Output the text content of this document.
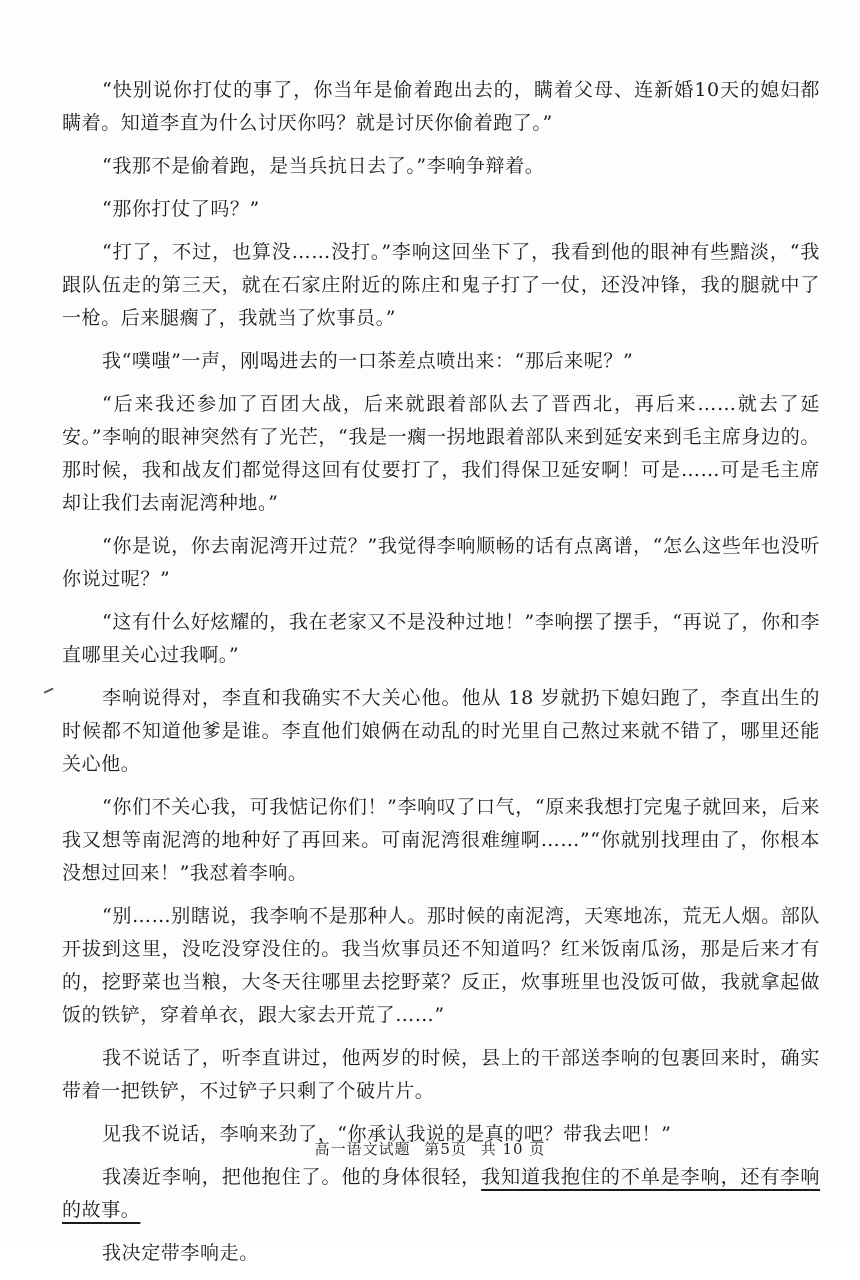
“快别说你打仗的事了，你当年是偷着跑出去的，瞒着父母、连新婚10天的媳妇都瞒着。知道李直为什么讨厌你吗？就是讨厌你偷着跑了。”

“我那不是偷着跑，是当兵抗日去了。”李响争辩着。

“那你打仗了吗？”

“打了，不过，也算没……没打。”李响这回坐下了，我看到他的眼神有些黯淡，“我跟队伍走的第三天，就在石家庄附近的陈庄和鬼子打了一仗，还没冲锋，我的腿就中了一枪。后来腿瘸了，我就当了炊事员。”

我“噗嗤”一声，刚喝进去的一口茶差点喷出来：“那后来呢？”

“后来我还参加了百团大战，后来就跟着部队去了晋西北，再后来……就去了延安。”李响的眼神突然有了光芒，“我是一瘸一拐地跟着部队来到延安来到毛主席身边的。那时候，我和战友们都觉得这回有仗要打了，我们得保卫延安啊！可是……可是毛主席却让我们去南泥湾种地。”

“你是说，你去南泥湾开过荒？”我觉得李响顺畅的话有点离谱，“怎么这些年也没听你说过呢？”

“这有什么好炫耀的，我在老家又不是没种过地！”李响摆了摆手，“再说了，你和李直哪里关心过我啊。”

李响说得对，李直和我确实不大关心他。他从 18 岁就扔下媳妇跑了，李直出生的时候都不知道他爹是谁。李直他们娘俩在动乱的时光里自己熬过来就不错了，哪里还能关心他。

“你们不关心我，可我惦记你们！”李响叹了口气，“原来我想打完鬼子就回来，后来我又想等南泥湾的地种好了再回来。可南泥湾很难缠啊……”“你就别找理由了，你根本没想过回来！”我怼着李响。

“别……别瞎说，我李响不是那种人。那时候的南泥湾，天寒地冻，荒无人烟。部队开拔到这里，没吃没穿没住的。我当炊事员还不知道吗？红米饭南瓜汤，那是后来才有的，挖野菜也当粮，大冬天往哪里去挖野菜？反正，炊事班里也没饭可做，我就拿起做饭的铁铲，穿着单衣，跟大家去开荒了……”

我不说话了，听李直讲过，他两岁的时候，县上的干部送李响的包裹回来时，确实带着一把铁铲，不过铲子只剩了个破片片。

见我不说话，李响来劲了，“你承认我说的是真的吧？带我去吧！”

我凑近李响，把他抱住了。他的身体很轻，我知道我抱住的不单是李响，还有李响的故事。

我决定带李响走。

高一语文试题 第5页 共 10 页
